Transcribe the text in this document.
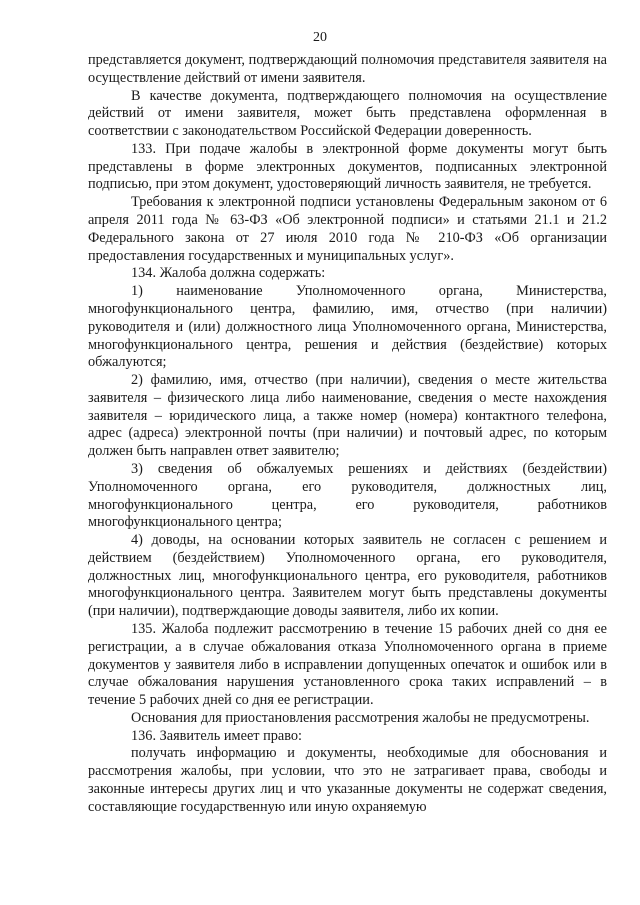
20

представляется документ, подтверждающий полномочия представителя заявителя на осуществление действий от имени заявителя.

В качестве документа, подтверждающего полномочия на осуществление действий от имени заявителя, может быть представлена оформленная в соответствии с законодательством Российской Федерации доверенность.

133. При подаче жалобы в электронной форме документы могут быть представлены в форме электронных документов, подписанных электронной подписью, при этом документ, удостоверяющий личность заявителя, не требуется.

Требования к электронной подписи установлены Федеральным законом от 6 апреля 2011 года № 63-ФЗ «Об электронной подписи» и статьями 21.1 и 21.2 Федерального закона от 27 июля 2010 года № 210-ФЗ «Об организации предоставления государственных и муниципальных услуг».

134. Жалоба должна содержать:

1) наименование Уполномоченного органа, Министерства, многофункционального центра, фамилию, имя, отчество (при наличии) руководителя и (или) должностного лица Уполномоченного органа, Министерства, многофункционального центра, решения и действия (бездействие) которых обжалуются;

2) фамилию, имя, отчество (при наличии), сведения о месте жительства заявителя – физического лица либо наименование, сведения о месте нахождения заявителя – юридического лица, а также номер (номера) контактного телефона, адрес (адреса) электронной почты (при наличии) и почтовый адрес, по которым должен быть направлен ответ заявителю;

3) сведения об обжалуемых решениях и действиях (бездействии) Уполномоченного органа, его руководителя, должностных лиц, многофункционального центра, его руководителя, работников многофункционального центра;

4) доводы, на основании которых заявитель не согласен с решением и действием (бездействием) Уполномоченного органа, его руководителя, должностных лиц, многофункционального центра, его руководителя, работников многофункционального центра. Заявителем могут быть представлены документы (при наличии), подтверждающие доводы заявителя, либо их копии.

135. Жалоба подлежит рассмотрению в течение 15 рабочих дней со дня ее регистрации, а в случае обжалования отказа Уполномоченного органа в приеме документов у заявителя либо в исправлении допущенных опечаток и ошибок или в случае обжалования нарушения установленного срока таких исправлений – в течение 5 рабочих дней со дня ее регистрации.

Основания для приостановления рассмотрения жалобы не предусмотрены.

136. Заявитель имеет право:

получать информацию и документы, необходимые для обоснования и рассмотрения жалобы, при условии, что это не затрагивает права, свободы и законные интересы других лиц и что указанные документы не содержат сведения, составляющие государственную или иную охраняемую
